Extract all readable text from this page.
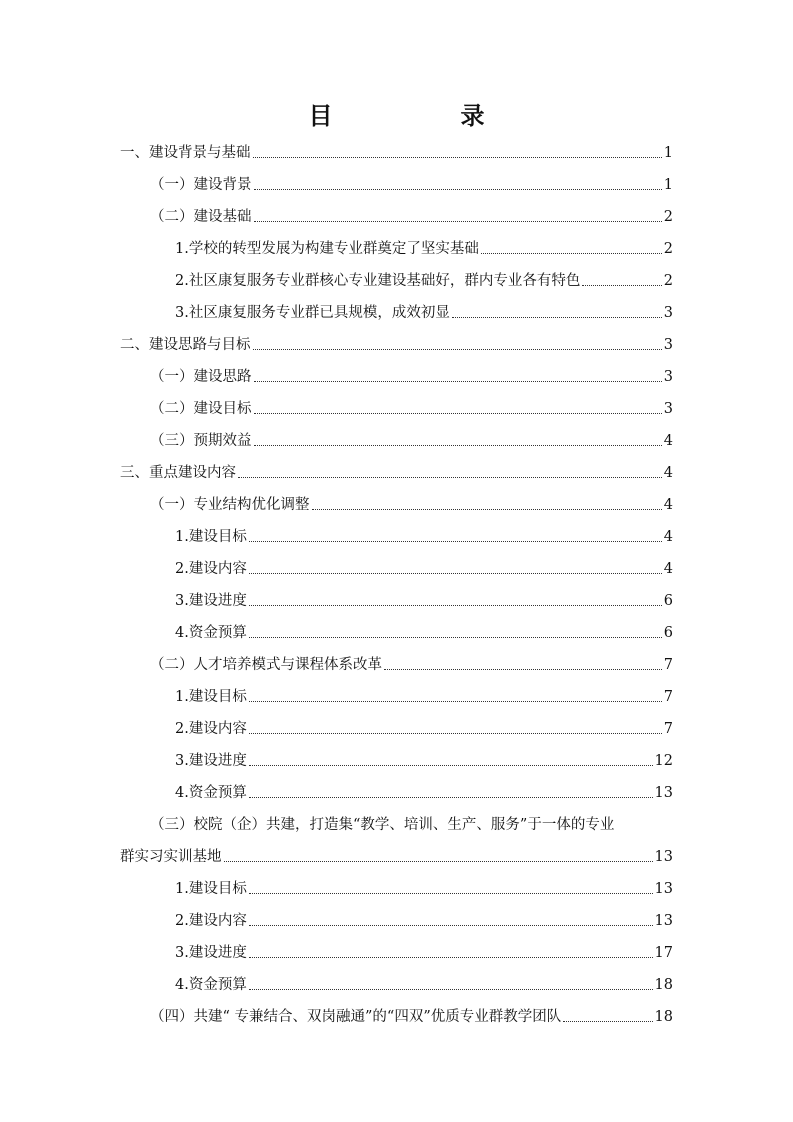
目　录
一、建设背景与基础	1
（一）建设背景	1
（二）建设基础	2
1.学校的转型发展为构建专业群奠定了坚实基础	2
2.社区康复服务专业群核心专业建设基础好，群内专业各有特色	2
3.社区康复服务专业群已具规模，成效初显	3
二、建设思路与目标	3
（一）建设思路	3
（二）建设目标	3
（三）预期效益	4
三、重点建设内容	4
（一）专业结构优化调整	4
1.建设目标	4
2.建设内容	4
3.建设进度	6
4.资金预算	6
（二）人才培养模式与课程体系改革	7
1.建设目标	7
2.建设内容	7
3.建设进度	12
4.资金预算	13
（三）校院（企）共建，打造集“教学、培训、生产、服务”于一体的专业
群实习实训基地	13
1.建设目标	13
2.建设内容	13
3.建设进度	17
4.资金预算	18
（四）共建“ 专兼结合、双岗融通”的“四双”优质专业群教学团队	18
